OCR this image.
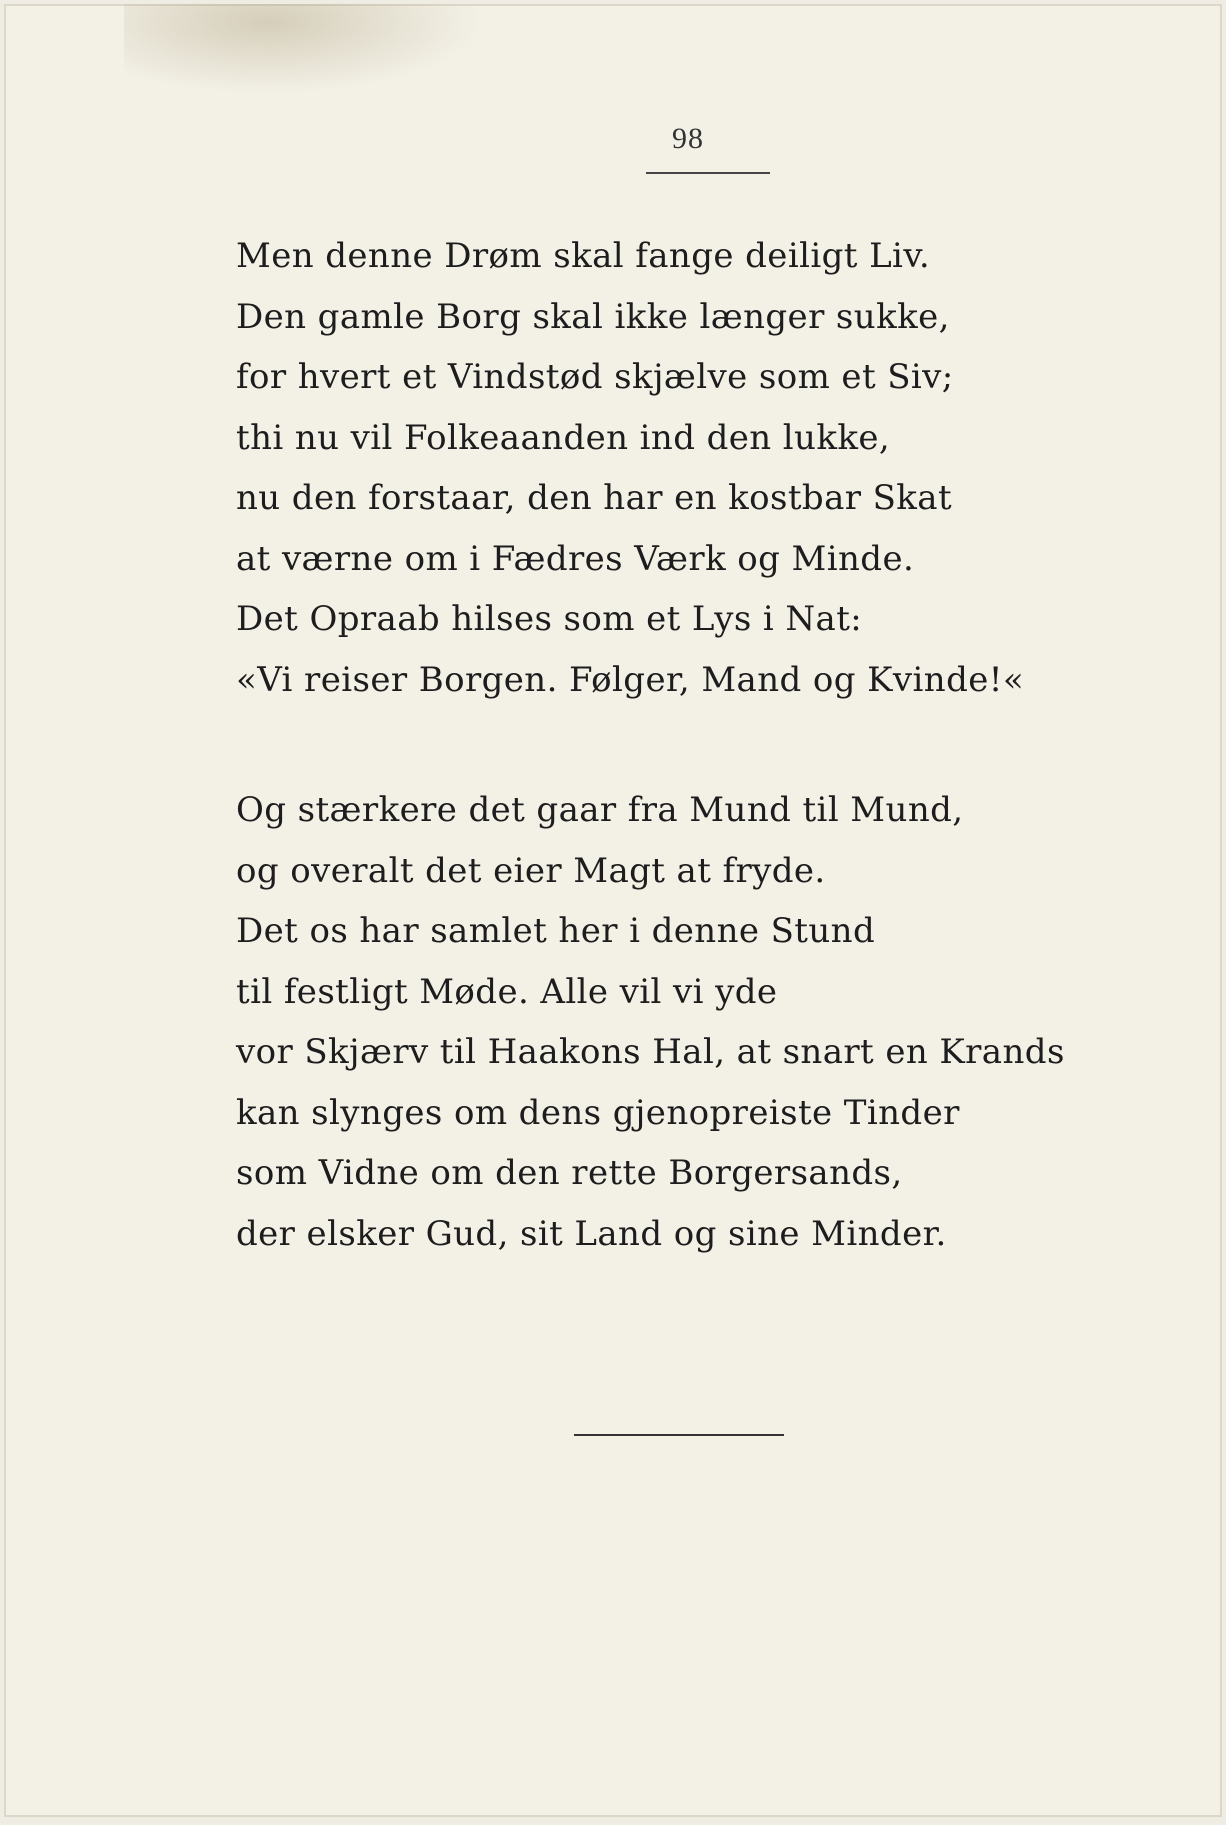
98
Men denne Drøm skal fange deiligt Liv.
Den gamle Borg skal ikke længer sukke,
for hvert et Vindstød skjælve som et Siv;
thi nu vil Folkeaanden ind den lukke,
nu den forstaar, den har en kostbar Skat
at værne om i Fædres Værk og Minde.
Det Opraab hilses som et Lys i Nat:
«Vi reiser Borgen. Følger, Mand og Kvinde!«
Og stærkere det gaar fra Mund til Mund,
og overalt det eier Magt at fryde.
Det os har samlet her i denne Stund
til festligt Møde. Alle vil vi yde
vor Skjærv til Haakons Hal, at snart en Krands
kan slynges om dens gjenopreiste Tinder
som Vidne om den rette Borgersands,
der elsker Gud, sit Land og sine Minder.
